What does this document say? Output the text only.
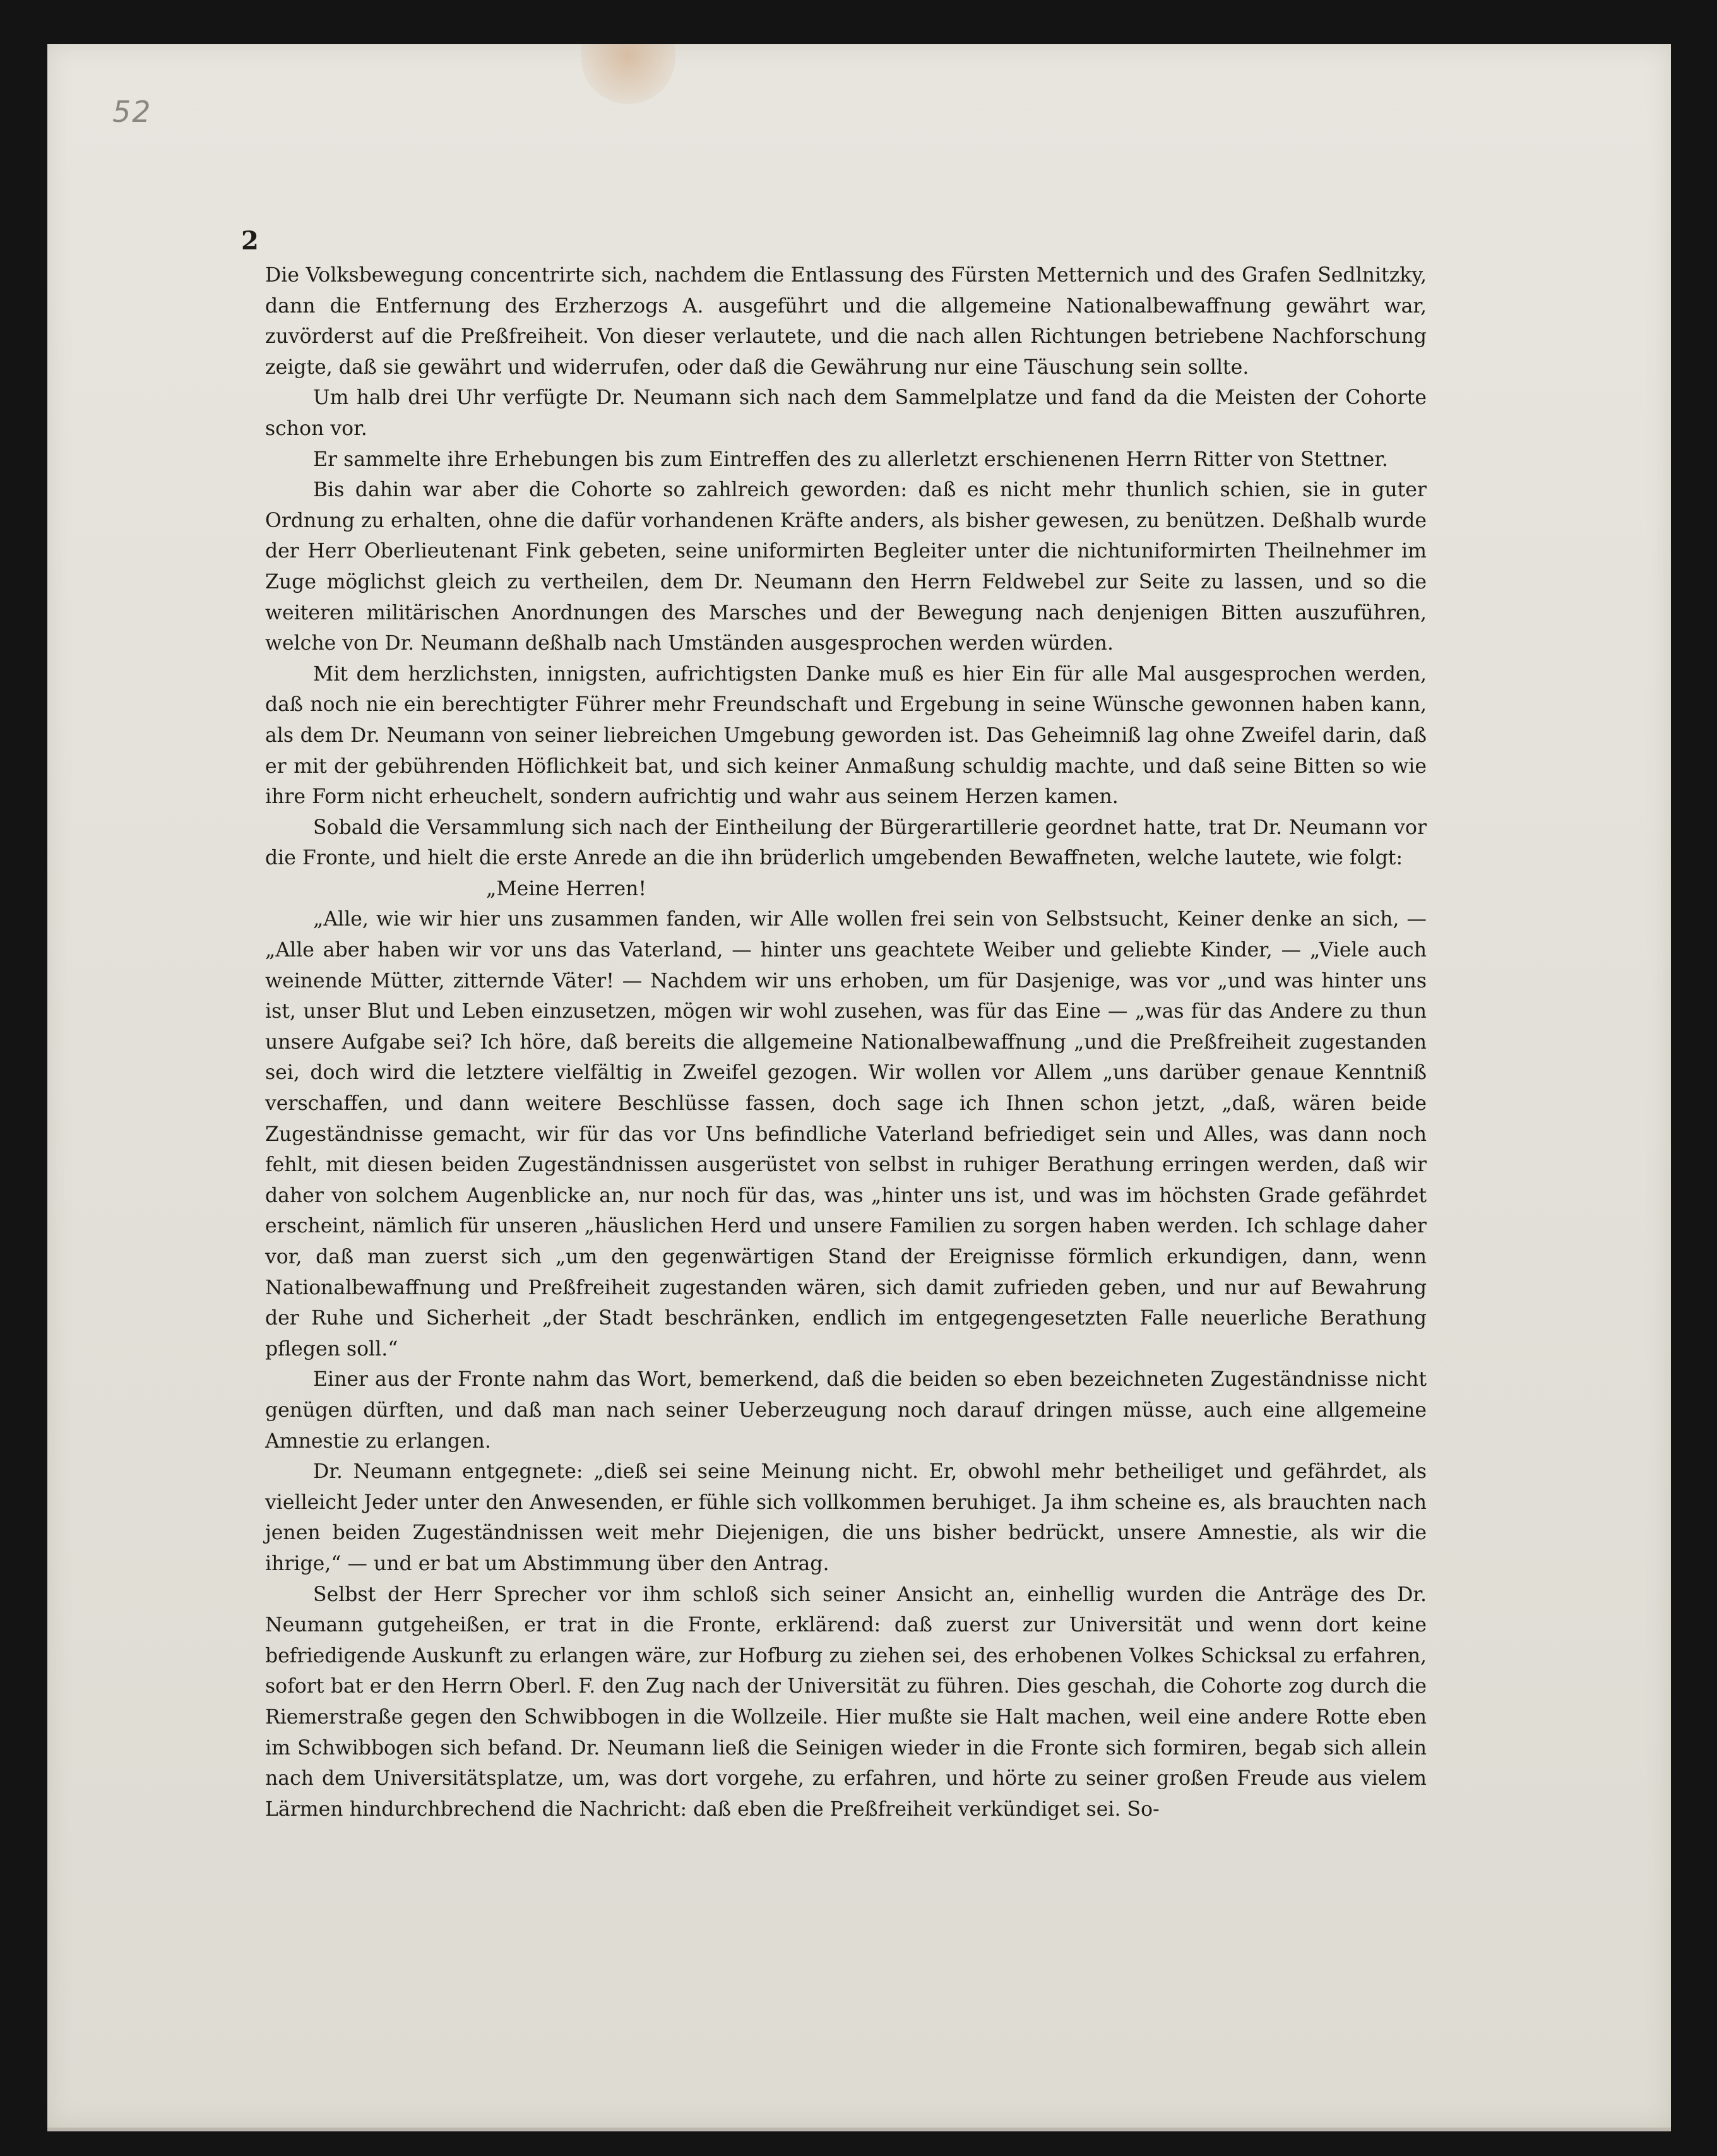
52
2

Die Volksbewegung concentrirte sich, nachdem die Entlassung des Fürsten Metternich und des Grafen Sedlnitzky, dann die Entfernung des Erzherzogs A. ausgeführt und die allgemeine Nationalbewaffnung gewährt war, zuvörderst auf die Preßfreiheit. Von dieser verlautete, und die nach allen Richtungen betriebene Nachforschung zeigte, daß sie gewährt und widerrufen, oder daß die Gewährung nur eine Täuschung sein sollte.

Um halb drei Uhr verfügte Dr. Neumann sich nach dem Sammelplatze und fand da die Meisten der Cohorte schon vor.

Er sammelte ihre Erhebungen bis zum Eintreffen des zu allerletzt erschienenen Herrn Ritter von Stettner.

Bis dahin war aber die Cohorte so zahlreich geworden: daß es nicht mehr thunlich schien, sie in guter Ordnung zu erhalten, ohne die dafür vorhandenen Kräfte anders, als bisher gewesen, zu benützen. Deßhalb wurde der Herr Oberlieutenant Fink gebeten, seine uniformirten Begleiter unter die nichtuniformirten Theilnehmer im Zuge möglichst gleich zu vertheilen, dem Dr. Neumann den Herrn Feldwebel zur Seite zu lassen, und so die weiteren militärischen Anordnungen des Marsches und der Bewegung nach denjenigen Bitten auszuführen, welche von Dr. Neumann deßhalb nach Umständen ausgesprochen werden würden.

Mit dem herzlichsten, innigsten, aufrichtigsten Danke muß es hier Ein für alle Mal ausgesprochen werden, daß noch nie ein berechtigter Führer mehr Freundschaft und Ergebung in seine Wünsche gewonnen haben kann, als dem Dr. Neumann von seiner liebreichen Umgebung geworden ist. Das Geheimniß lag ohne Zweifel darin, daß er mit der gebührenden Höflichkeit bat, und sich keiner Anmaßung schuldig machte, und daß seine Bitten so wie ihre Form nicht erheuchelt, sondern aufrichtig und wahr aus seinem Herzen kamen.

Sobald die Versammlung sich nach der Eintheilung der Bürgerartillerie geordnet hatte, trat Dr. Neumann vor die Fronte, und hielt die erste Anrede an die ihn brüderlich umgebenden Bewaffneten, welche lautete, wie folgt:

„Meine Herren!

„Alle, wie wir hier uns zusammen fanden, wir Alle wollen frei sein von Selbstsucht, Keiner denke an sich, — „Alle aber haben wir vor uns das Vaterland, — hinter uns geachtete Weiber und geliebte Kinder, — „Viele auch weinende Mütter, zitternde Väter! — Nachdem wir uns erhoben, um für Dasjenige, was vor „und was hinter uns ist, unser Blut und Leben einzusetzen, mögen wir wohl zusehen, was für das Eine — „was für das Andere zu thun unsere Aufgabe sei? Ich höre, daß bereits die allgemeine Nationalbewaffnung „und die Preßfreiheit zugestanden sei, doch wird die letztere vielfältig in Zweifel gezogen. Wir wollen vor Allem „uns darüber genaue Kenntniß verschaffen, und dann weitere Beschlüsse fassen, doch sage ich Ihnen schon jetzt, „daß, wären beide Zugeständnisse gemacht, wir für das vor Uns befindliche Vaterland befriediget sein und Alles, was dann noch fehlt, mit diesen beiden Zugeständnissen ausgerüstet von selbst in ruhiger Berathung erringen werden, daß wir daher von solchem Augenblicke an, nur noch für das, was „hinter uns ist, und was im höchsten Grade gefährdet erscheint, nämlich für unseren „häuslichen Herd und unsere Familien zu sorgen haben werden. Ich schlage daher vor, daß man zuerst sich „um den gegenwärtigen Stand der Ereignisse förmlich erkundigen, dann, wenn Nationalbewaffnung und Preßfreiheit zugestanden wären, sich damit zufrieden geben, und nur auf Bewahrung der Ruhe und Sicherheit „der Stadt beschränken, endlich im entgegengesetzten Falle neuerliche Berathung pflegen soll.“

Einer aus der Fronte nahm das Wort, bemerkend, daß die beiden so eben bezeichneten Zugeständnisse nicht genügen dürften, und daß man nach seiner Ueberzeugung noch darauf dringen müsse, auch eine allgemeine Amnestie zu erlangen.

Dr. Neumann entgegnete: „dieß sei seine Meinung nicht. Er, obwohl mehr betheiliget und gefährdet, als vielleicht Jeder unter den Anwesenden, er fühle sich vollkommen beruhiget. Ja ihm scheine es, als brauchten nach jenen beiden Zugeständnissen weit mehr Diejenigen, die uns bisher bedrückt, unsere Amnestie, als wir die ihrige,“ — und er bat um Abstimmung über den Antrag.

Selbst der Herr Sprecher vor ihm schloß sich seiner Ansicht an, einhellig wurden die Anträge des Dr. Neumann gutgeheißen, er trat in die Fronte, erklärend: daß zuerst zur Universität und wenn dort keine befriedigende Auskunft zu erlangen wäre, zur Hofburg zu ziehen sei, des erhobenen Volkes Schicksal zu erfahren, sofort bat er den Herrn Oberl. F. den Zug nach der Universität zu führen. Dies geschah, die Cohorte zog durch die Riemerstraße gegen den Schwibbogen in die Wollzeile. Hier mußte sie Halt machen, weil eine andere Rotte eben im Schwibbogen sich befand. Dr. Neumann ließ die Seinigen wieder in die Fronte sich formiren, begab sich allein nach dem Universitätsplatze, um, was dort vorgehe, zu erfahren, und hörte zu seiner großen Freude aus vielem Lärmen hindurchbrechend die Nachricht: daß eben die Preßfreiheit verkündiget sei. So-
